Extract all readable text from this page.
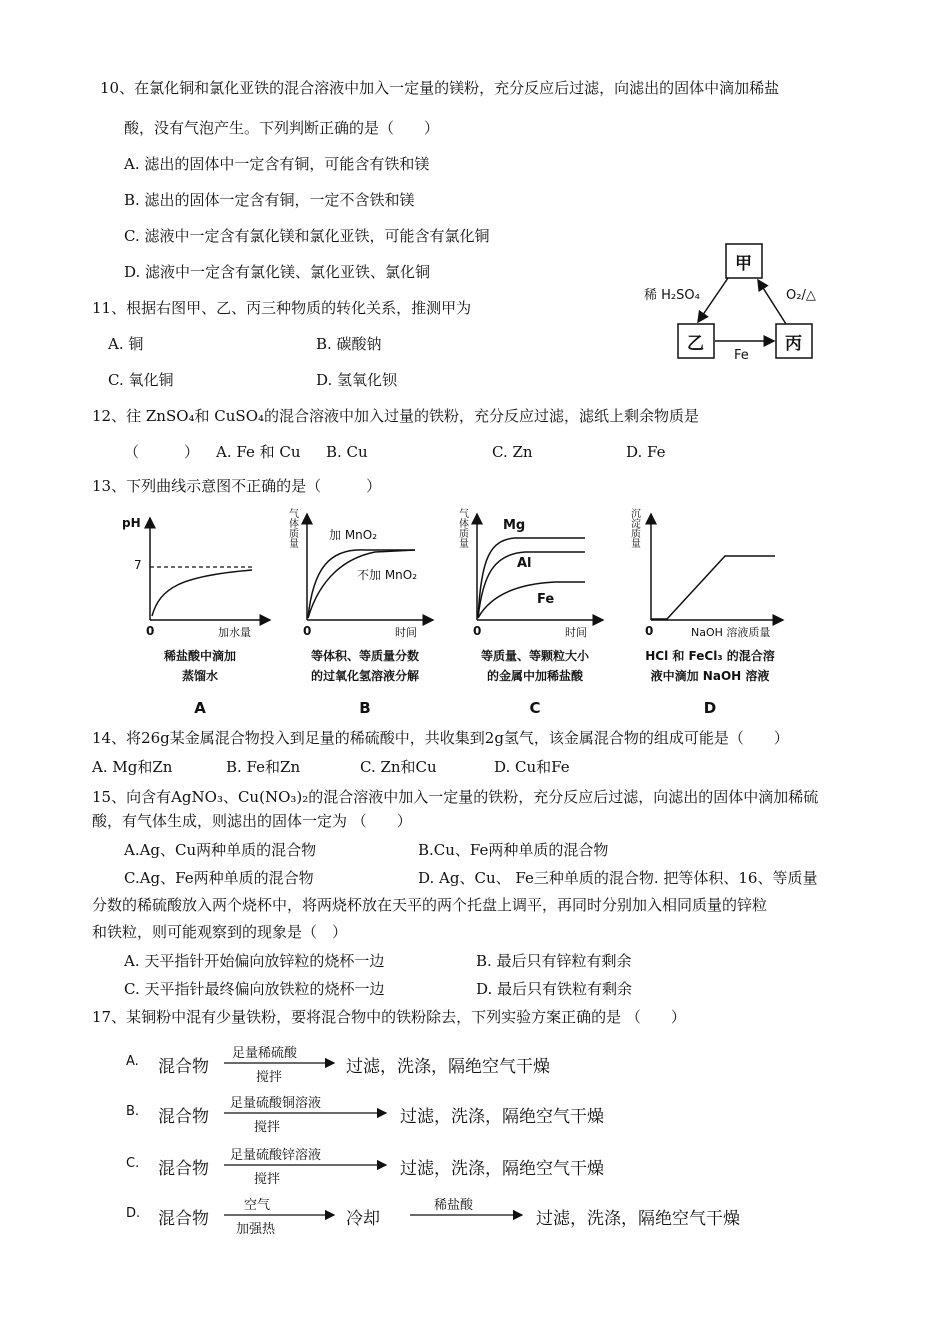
10、在氯化铜和氯化亚铁的混合溶液中加入一定量的镁粉，充分反应后过滤，向滤出的固体中滴加稀盐
酸，没有气泡产生。下列判断正确的是（　　）
A. 滤出的固体中一定含有铜，可能含有铁和镁
B. 滤出的固体一定含有铜，一定不含铁和镁
C. 滤液中一定含有氯化镁和氯化亚铁，可能含有氯化铜
D. 滤液中一定含有氯化镁、氯化亚铁、氯化铜
11、根据右图甲、乙、丙三种物质的转化关系，推测甲为
A. 铜	B. 碳酸钠
C. 氧化铜	D. 氢氧化钡
甲
乙	丙
稀 H₂SO₄	O₂/△
Fe
12、往 ZnSO₄和 CuSO₄的混合溶液中加入过量的铁粉，充分反应过滤，滤纸上剩余物质是
（　　　） A. Fe 和 Cu B. Cu	C. Zn	D. Fe
13、下列曲线示意图不正确的是（　　　）
pH
7
0	加水量
稀盐酸中滴加
蒸馏水
A
气体质量
加 MnO₂
不加 MnO₂
0	时间
等体积、等质量分数
的过氧化氢溶液分解
B
气体质量
Mg
Al
Fe
0	时间
等质量、等颗粒大小
的金属中加稀盐酸
C
沉淀质量
0	NaOH 溶液质量
HCl 和 FeCl₃ 的混合溶
液中滴加 NaOH 溶液
D
14、将26g某金属混合物投入到足量的稀硫酸中，共收集到2g氢气，该金属混合物的组成可能是（　　）
A. Mg和Zn	B. Fe和Zn	C. Zn和Cu	D. Cu和Fe
15、向含有AgNO₃、Cu(NO₃)₂的混合溶液中加入一定量的铁粉，充分反应后过滤，向滤出的固体中滴加稀硫
酸，有气体生成，则滤出的固体一定为 （　　）
A.Ag、Cu两种单质的混合物	B.Cu、Fe两种单质的混合物
C.Ag、Fe两种单质的混合物	D. Ag、Cu、 Fe三种单质的混合物. 把等体积、16、等质量
分数的稀硫酸放入两个烧杯中，将两烧杯放在天平的两个托盘上调平，再同时分别加入相同质量的锌粒
和铁粒，则可能观察到的现象是（　）
A. 天平指针开始偏向放锌粒的烧杯一边	B. 最后只有锌粒有剩余
C. 天平指针最终偏向放铁粒的烧杯一边	D. 最后只有铁粒有剩余
17、某铜粉中混有少量铁粉，要将混合物中的铁粉除去，下列实验方案正确的是 （　　）
A. 混合物
足量稀硫酸
搅拌
过滤，洗涤，隔绝空气干燥
B. 混合物
足量硫酸铜溶液
搅拌
过滤，洗涤，隔绝空气干燥
C. 混合物
足量硫酸锌溶液
搅拌
过滤，洗涤，隔绝空气干燥
D. 混合物
空气
加强热
冷却
稀盐酸
过滤，洗涤，隔绝空气干燥
